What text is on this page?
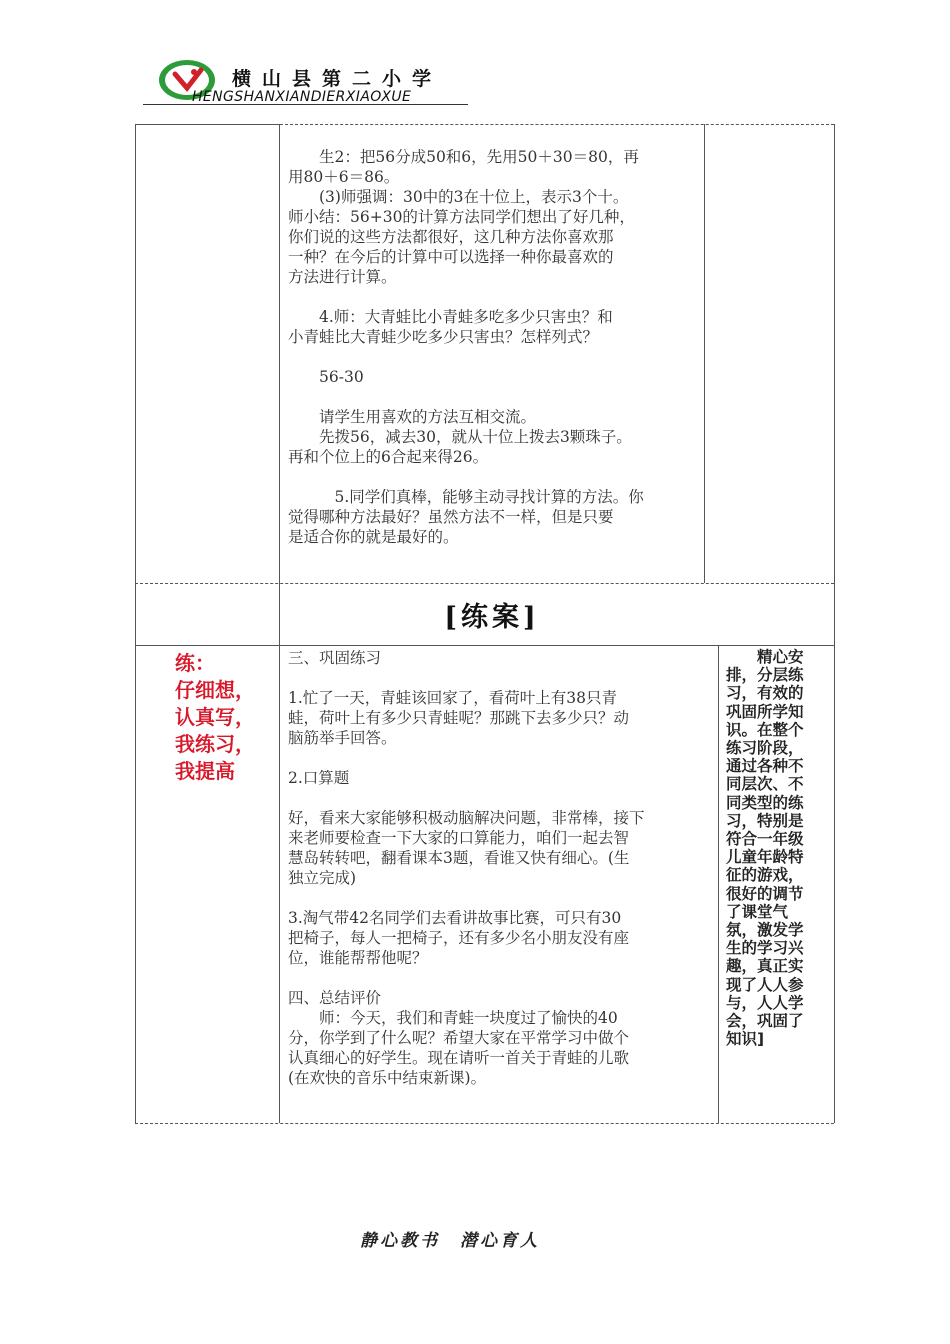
横山县第二小学
HENGSHANXIANDIERXIAOXUE

　　生2：把56分成50和6，先用50＋30＝80，再

用80＋6＝86。

　　(3)师强调：30中的3在十位上，表示3个十。

师小结：56+30的计算方法同学们想出了好几种，

你们说的这些方法都很好，这几种方法你喜欢那

一种？在今后的计算中可以选择一种你最喜欢的

方法进行计算。

　　4.师：大青蛙比小青蛙多吃多少只害虫？和

小青蛙比大青蛙少吃多少只害虫？怎样列式？

　　56-30

　　请学生用喜欢的方法互相交流。

　　先拨56，减去30，就从十位上拨去3颗珠子。

再和个位上的6合起来得26。

　　　5.同学们真棒，能够主动寻找计算的方法。你

觉得哪种方法最好？虽然方法不一样，但是只要

是适合你的就是最好的。

[练案]
练：
仔细想，
认真写，
我练习，
我提高

三、巩固练习

1.忙了一天，青蛙该回家了，看荷叶上有38只青

蛙，荷叶上有多少只青蛙呢？那跳下去多少只？动

脑筋举手回答。

2.口算题

好，看来大家能够积极动脑解决问题，非常棒，接下

来老师要检查一下大家的口算能力，咱们一起去智

慧岛转转吧，翻看课本3题，看谁又快有细心。(生

独立完成)

3.淘气带42名同学们去看讲故事比赛，可只有30

把椅子，每人一把椅子，还有多少名小朋友没有座

位，谁能帮帮他呢？

四、总结评价

　　师：今天，我们和青蛙一块度过了愉快的40

分，你学到了什么呢？希望大家在平常学习中做个

认真细心的好学生。现在请听一首关于青蛙的儿歌

(在欢快的音乐中结束新课)。

　　精心安
排，分层练
习，有效的
巩固所学知
识。在整个
练习阶段，
通过各种不
同层次、不
同类型的练
习，特别是
符合一年级
儿童年龄特
征的游戏，
很好的调节
了课堂气
氛，激发学
生的学习兴
趣，真正实
现了人人参
与，人人学
会，巩固了
知识]
静心教书　潜心育人
